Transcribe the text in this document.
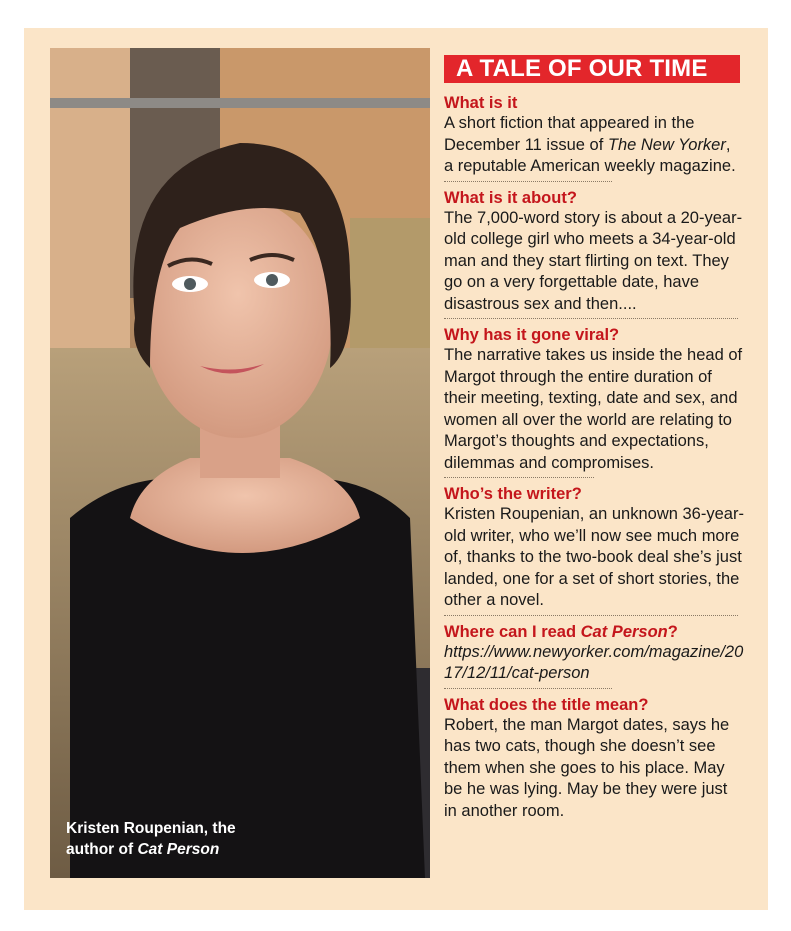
Kristen Roupenian, the
author of Cat Person
A TALE OF OUR TIME

What is it

A short fiction that appeared in the December 11 issue of The New Yorker, a reputable American weekly magazine.

What is it about?

The 7,000-word story is about a 20-year-old college girl who meets a 34-year-old man and they start flirting on text. They go on a very forgettable date, have disastrous sex and then....

Why has it gone viral?

The narrative takes us inside the head of Margot through the entire duration of their meeting, texting, date and sex, and women all over the world are relating to Margot’s thoughts and expectations, dilemmas and compromises.

Who’s the writer?

Kristen Roupenian, an unknown 36-year-old writer, who we’ll now see much more of, thanks to the two-book deal she’s just landed, one for a set of short stories, the other a novel.

Where can I read Cat Person?

https://www.newyorker.com/magazine/2017/12/11/cat-person

What does the title mean?

Robert, the man Margot dates, says he has two cats, though she doesn’t see them when she goes to his place. May be he was lying. May be they were just in another room.
